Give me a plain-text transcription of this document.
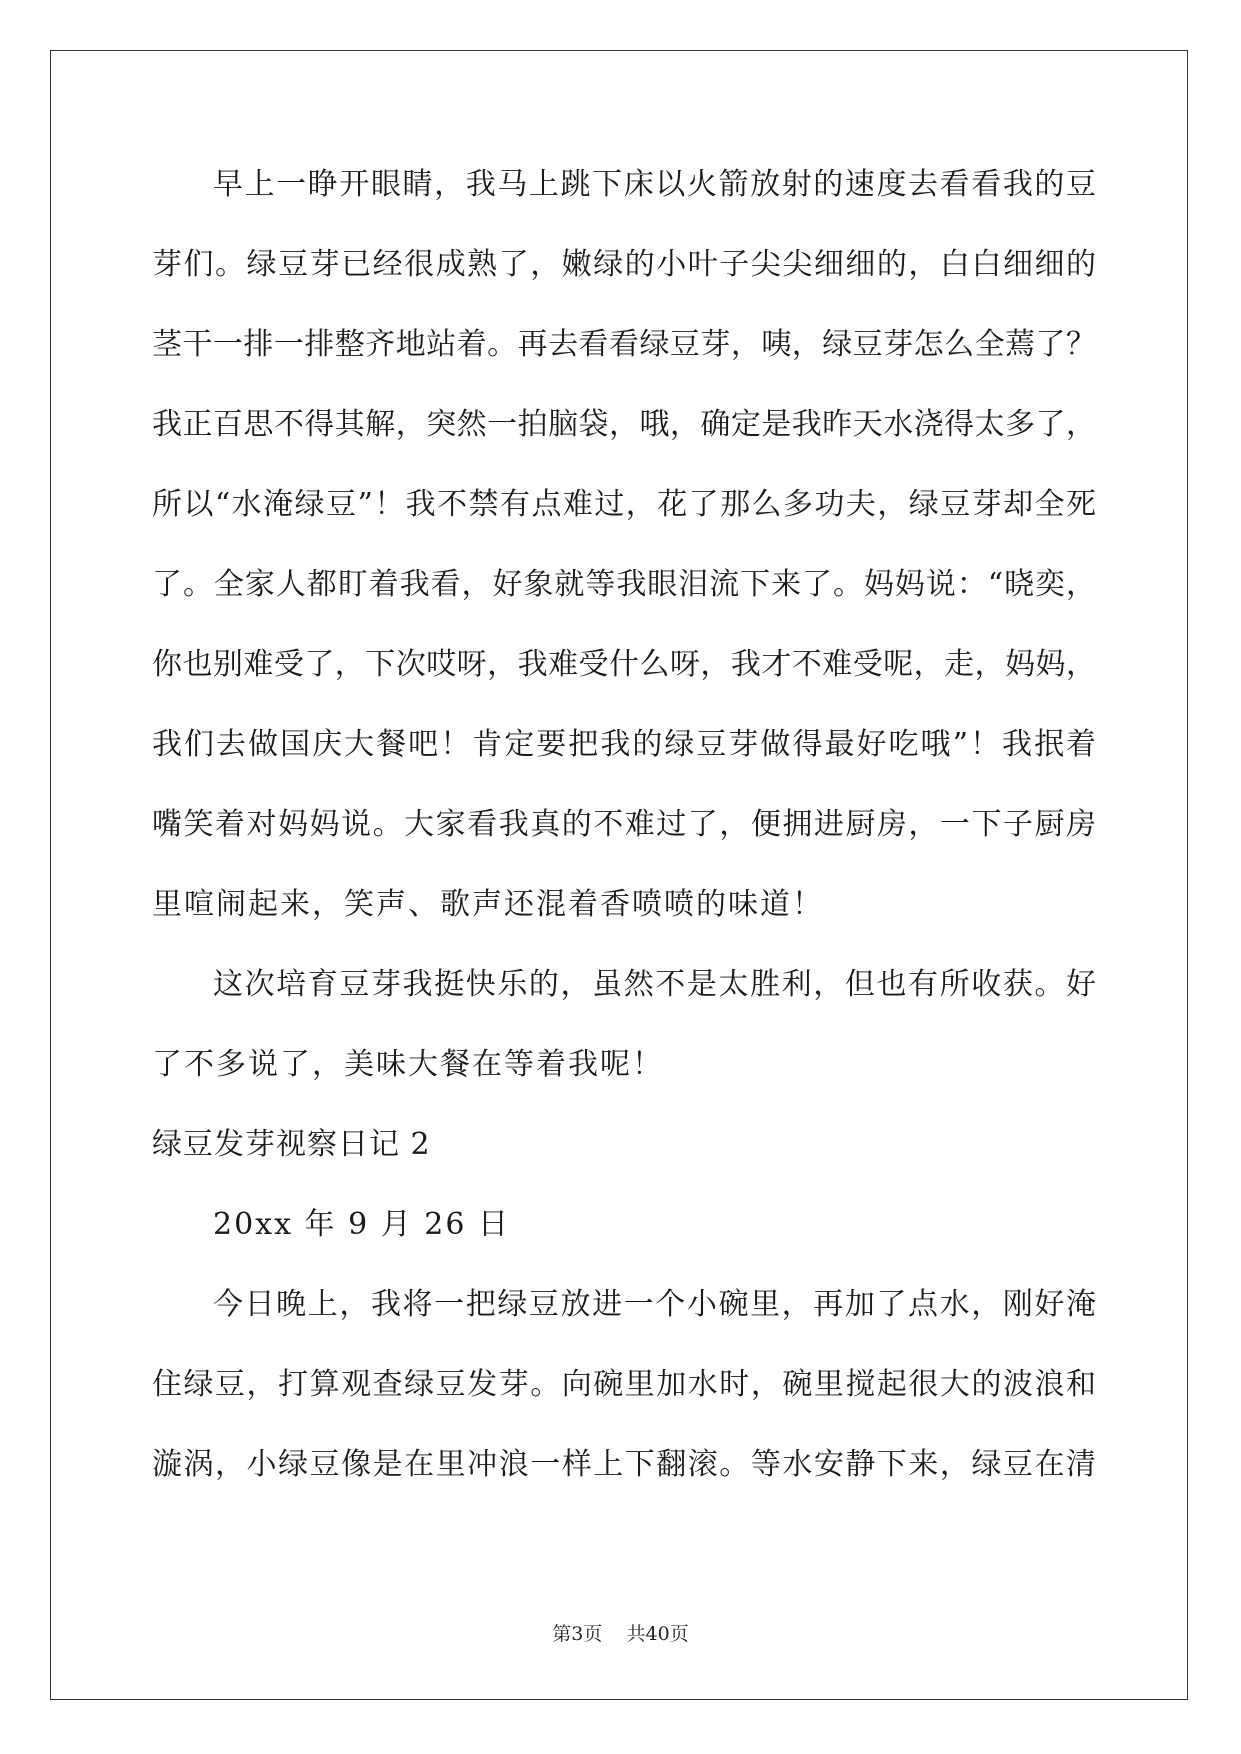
早上一睁开眼睛，我马上跳下床以火箭放射的速度去看看我的豆
芽们。绿豆芽已经很成熟了，嫩绿的小叶子尖尖细细的，白白细细的
茎干一排一排整齐地站着。再去看看绿豆芽，咦，绿豆芽怎么全蔫了？
我正百思不得其解，突然一拍脑袋，哦，确定是我昨天水浇得太多了，
所以“水淹绿豆”！我不禁有点难过，花了那么多功夫，绿豆芽却全死
了。全家人都盯着我看，好象就等我眼泪流下来了。妈妈说：“晓奕，
你也别难受了，下次哎呀，我难受什么呀，我才不难受呢，走，妈妈，
我们去做国庆大餐吧！肯定要把我的绿豆芽做得最好吃哦”！我抿着
嘴笑着对妈妈说。大家看我真的不难过了，便拥进厨房，一下子厨房
里喧闹起来，笑声、歌声还混着香喷喷的味道！
这次培育豆芽我挺快乐的，虽然不是太胜利，但也有所收获。好
了不多说了，美味大餐在等着我呢！
绿豆发芽视察日记 2
20xx 年 9 月 26 日
今日晚上，我将一把绿豆放进一个小碗里，再加了点水，刚好淹
住绿豆，打算观查绿豆发芽。向碗里加水时，碗里搅起很大的波浪和
漩涡，小绿豆像是在里冲浪一样上下翻滚。等水安静下来，绿豆在清
第3页 共40页
